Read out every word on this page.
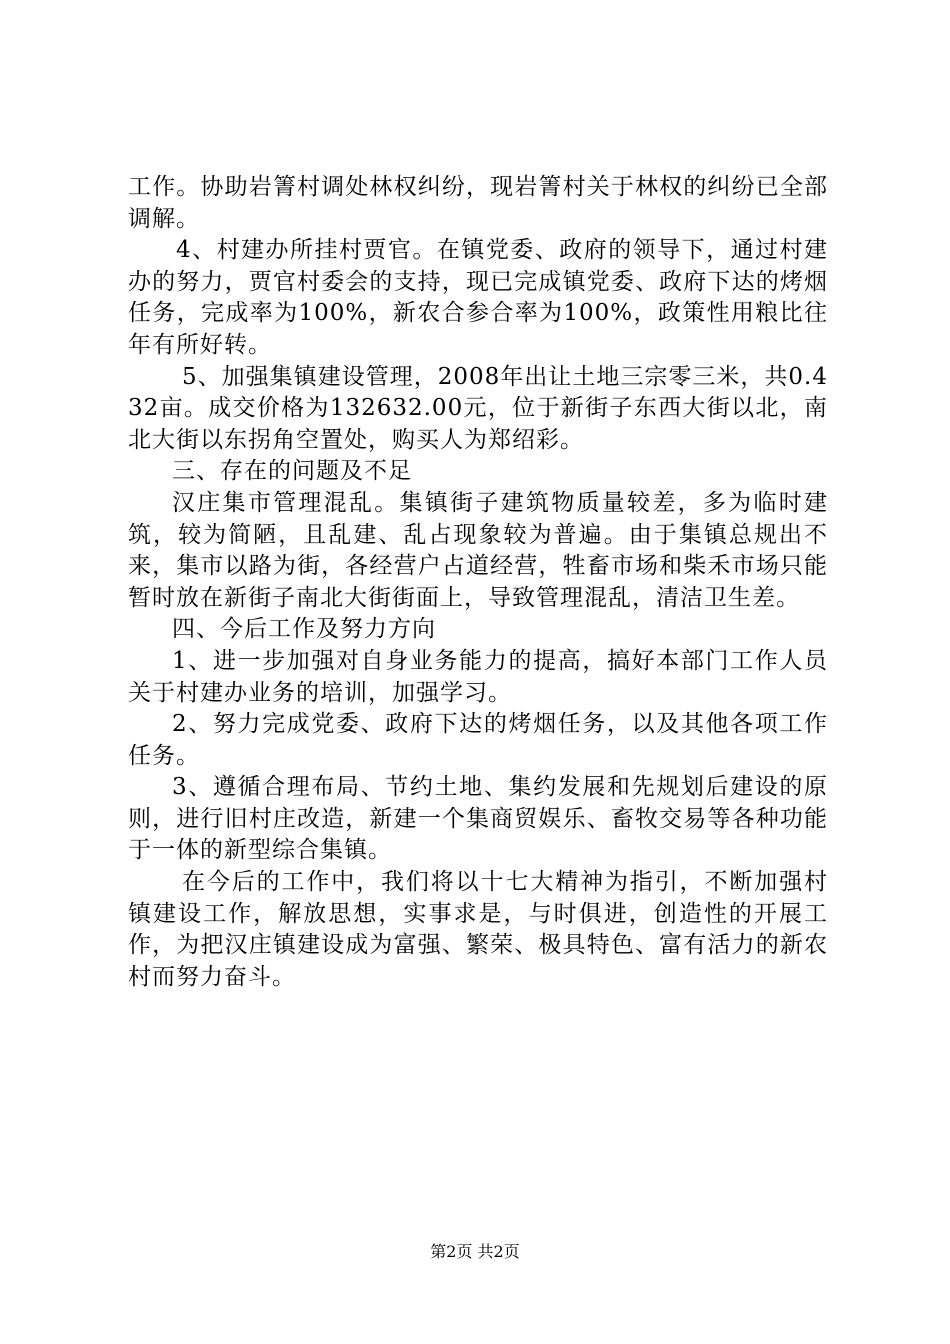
工作。协助岩箐村调处林权纠纷，现岩箐村关于林权的纠纷已全部调解。

4、村建办所挂村贾官。在镇党委、政府的领导下，通过村建办的努力，贾官村委会的支持，现已完成镇党委、政府下达的烤烟任务，完成率为100%，新农合参合率为100%，政策性用粮比往年有所好转。

5、加强集镇建设管理，2008年出让土地三宗零三米，共0.432亩。成交价格为132632.00元，位于新街子东西大街以北，南北大街以东拐角空置处，购买人为郑绍彩。

三、存在的问题及不足

汉庄集市管理混乱。集镇街子建筑物质量较差，多为临时建筑，较为简陋，且乱建、乱占现象较为普遍。由于集镇总规出不来，集市以路为街，各经营户占道经营，牲畜市场和柴禾市场只能暂时放在新街子南北大街街面上，导致管理混乱，清洁卫生差。

四、今后工作及努力方向

1、进一步加强对自身业务能力的提高，搞好本部门工作人员关于村建办业务的培训，加强学习。

2、努力完成党委、政府下达的烤烟任务，以及其他各项工作任务。

3、遵循合理布局、节约土地、集约发展和先规划后建设的原则，进行旧村庄改造，新建一个集商贸娱乐、畜牧交易等各种功能于一体的新型综合集镇。

在今后的工作中，我们将以十七大精神为指引，不断加强村镇建设工作，解放思想，实事求是，与时俱进，创造性的开展工作，为把汉庄镇建设成为富强、繁荣、极具特色、富有活力的新农村而努力奋斗。

第2页 共2页
